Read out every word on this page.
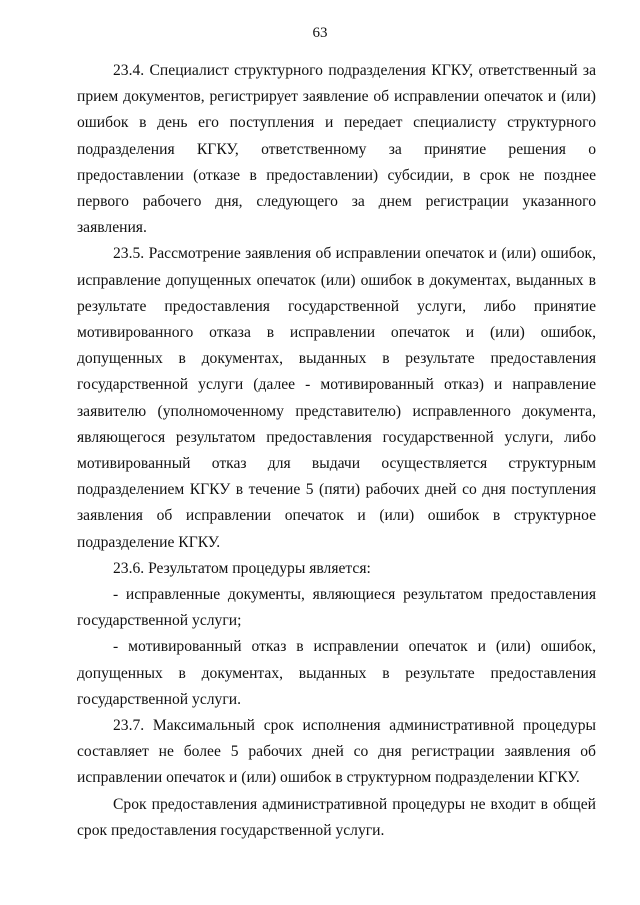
63

23.4. Специалист структурного подразделения КГКУ, ответственный за прием документов, регистрирует заявление об исправлении опечаток и (или) ошибок в день его поступления и передает специалисту структурного подразделения КГКУ, ответственному за принятие решения о предоставлении (отказе в предоставлении) субсидии, в срок не позднее первого рабочего дня, следующего за днем регистрации указанного заявления.

23.5. Рассмотрение заявления об исправлении опечаток и (или) ошибок, исправление допущенных опечаток (или) ошибок в документах, выданных в результате предоставления государственной услуги, либо принятие мотивированного отказа в исправлении опечаток и (или) ошибок, допущенных в документах, выданных в результате предоставления государственной услуги (далее - мотивированный отказ) и направление заявителю (уполномоченному представителю) исправленного документа, являющегося результатом предоставления государственной услуги, либо мотивированный отказ для выдачи осуществляется структурным подразделением КГКУ в течение 5 (пяти) рабочих дней со дня поступления заявления об исправлении опечаток и (или) ошибок в структурное подразделение КГКУ.

23.6. Результатом процедуры является:

- исправленные документы, являющиеся результатом предоставления государственной услуги;

- мотивированный отказ в исправлении опечаток и (или) ошибок, допущенных в документах, выданных в результате предоставления государственной услуги.

23.7. Максимальный срок исполнения административной процедуры составляет не более 5 рабочих дней со дня регистрации заявления об исправлении опечаток и (или) ошибок в структурном подразделении КГКУ.

Срок предоставления административной процедуры не входит в общей срок предоставления государственной услуги.
